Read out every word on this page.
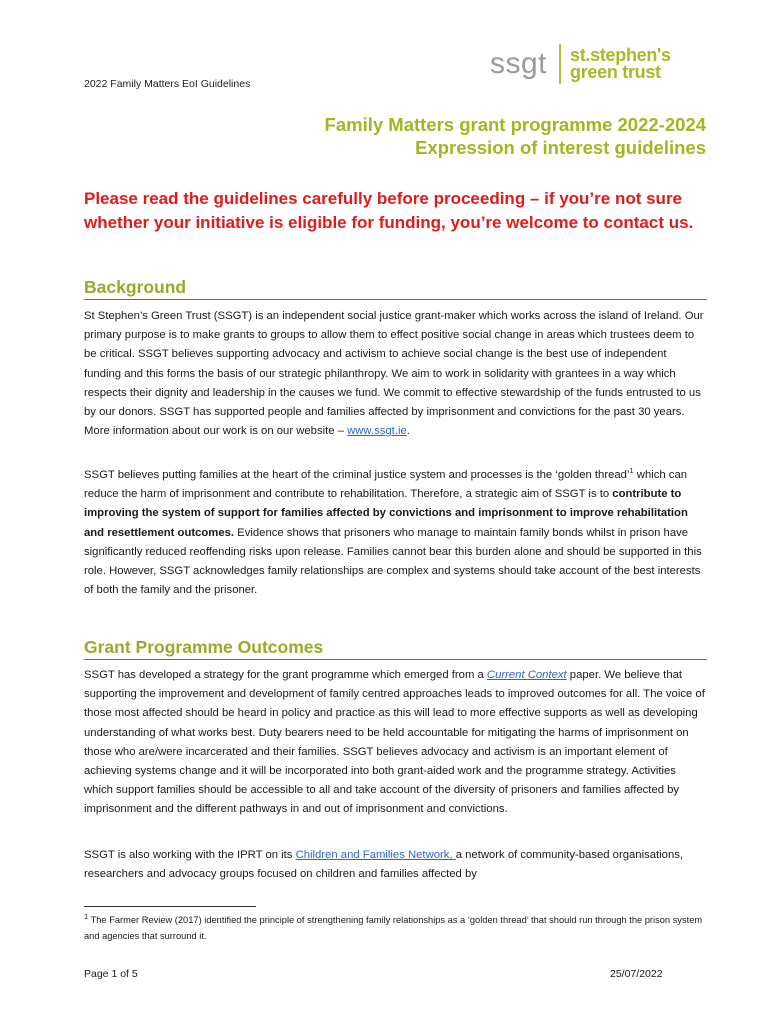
2022 Family Matters EoI Guidelines
ssgt st.stephen's
green trust
Family Matters grant programme 2022-2024
Expression of interest guidelines
Please read the guidelines carefully before proceeding – if you’re not sure whether your initiative is eligible for funding, you’re welcome to contact us.
Background

St Stephen’s Green Trust (SSGT) is an independent social justice grant-maker which works across the island of Ireland. Our primary purpose is to make grants to groups to allow them to effect positive social change in areas which trustees deem to be critical. SSGT believes supporting advocacy and activism to achieve social change is the best use of independent funding and this forms the basis of our strategic philanthropy. We aim to work in solidarity with grantees in a way which respects their dignity and leadership in the causes we fund. We commit to effective stewardship of the funds entrusted to us by our donors. SSGT has supported people and families affected by imprisonment and convictions for the past 30 years. More information about our work is on our website – www.ssgt.ie.

SSGT believes putting families at the heart of the criminal justice system and processes is the ‘golden thread’$^1$ which can reduce the harm of imprisonment and contribute to rehabilitation. Therefore, a strategic aim of SSGT is to contribute to improving the system of support for families affected by convictions and imprisonment to improve rehabilitation and resettlement outcomes. Evidence shows that prisoners who manage to maintain family bonds whilst in prison have significantly reduced reoffending risks upon release. Families cannot bear this burden alone and should be supported in this role. However, SSGT acknowledges family relationships are complex and systems should take account of the best interests of both the family and the prisoner.

Grant Programme Outcomes

SSGT has developed a strategy for the grant programme which emerged from a Current Context paper. We believe that supporting the improvement and development of family centred approaches leads to improved outcomes for all. The voice of those most affected should be heard in policy and practice as this will lead to more effective supports as well as developing understanding of what works best. Duty bearers need to be held accountable for mitigating the harms of imprisonment on those who are/were incarcerated and their families. SSGT believes advocacy and activism is an important element of achieving systems change and it will be incorporated into both grant-aided work and the programme strategy. Activities which support families should be accessible to all and take account of the diversity of prisoners and families affected by imprisonment and the different pathways in and out of imprisonment and convictions.

SSGT is also working with the IPRT on its Children and Families Network, a network of community-based organisations, researchers and advocacy groups focused on children and families affected by

$^1$ The Farmer Review (2017) identified the principle of strengthening family relationships as a ‘golden thread’ that should run through the prison system and agencies that surround it.
Page 1 of 5	25/07/2022
